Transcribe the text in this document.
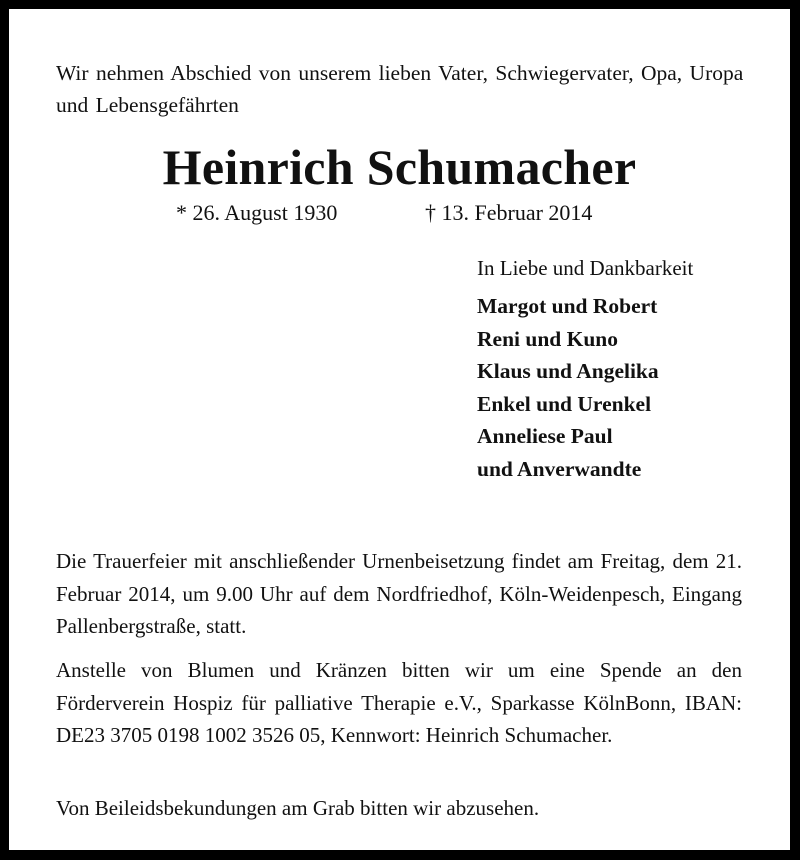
Wir nehmen Abschied von unserem lieben Vater, Schwiegervater, Opa, Uropa und Lebensgefährten
Heinrich Schumacher
* 26. August 1930	† 13. Februar 2014
In Liebe und Dankbarkeit
Margot und Robert
Reni und Kuno
Klaus und Angelika
Enkel und Urenkel
Anneliese Paul
und Anverwandte
Die Trauerfeier mit anschließender Urnenbeisetzung findet am Freitag, dem 21. Februar 2014, um 9.00 Uhr auf dem Nordfriedhof, Köln-Weidenpesch, Eingang Pallenbergstraße, statt.
Anstelle von Blumen und Kränzen bitten wir um eine Spende an den Förderverein Hospiz für palliative Therapie e.V., Sparkasse KölnBonn, IBAN: DE23 3705 0198 1002 3526 05, Kennwort: Heinrich Schumacher.
Von Beileidsbekundungen am Grab bitten wir abzusehen.
